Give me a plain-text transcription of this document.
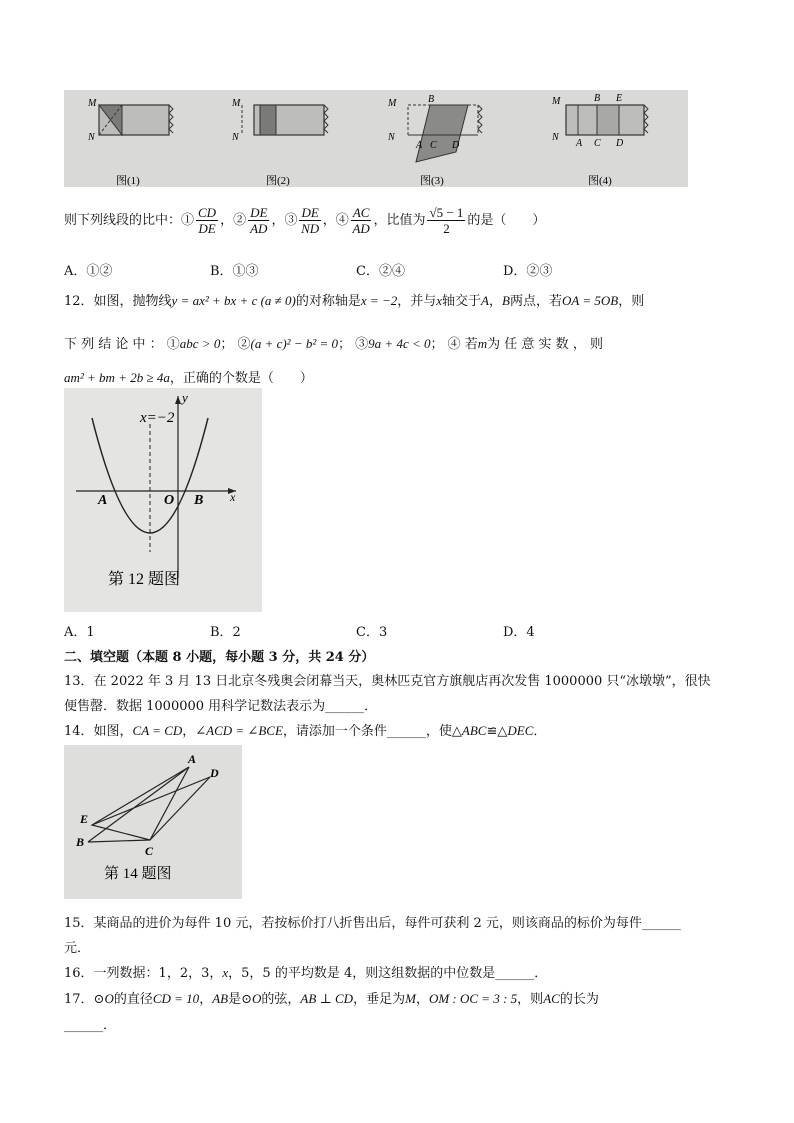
M
N
图(1)
M
N
图(2)
M
N
B
A C D
图(3)
M
N
B E
A C D
图(4)
则下列线段的比中：① $\frac{CD}{DE}$ ，② $\frac{DE}{AD}$ ，③ $\frac{DE}{ND}$ ，④ $\frac{AC}{AD}$ ，比值为 $\frac{√5 - 1}{2}$ 的是（　　）
A．①②	B．①③	C．②④	D．②③
12．如图，抛物线y = ax² + bx + c (a ≠ 0)的对称轴是x = −2，并与x轴交于A，B两点，若OA = 5OB，则
下 列 结 论 中 ： ①abc > 0； ②(a + c)² − b² = 0； ③9a + 4c < 0； ④ 若m为 任 意 实 数 ， 则
am² + bm + 2b ≥ 4a，正确的个数是（　　）
y
x
x=−2
A	O B
第 12 题图
A．1	B．2	C．3	D．4
二、填空题（本题 8 小题，每小题 3 分，共 24 分）
13．在 2022 年 3 月 13 日北京冬残奥会闭幕当天，奥林匹克官方旗舰店再次发售 1000000 只“冰墩墩”，很快
便售罄．数据 1000000 用科学记数法表示为______．
14．如图，CA = CD，∠ACD = ∠BCE，请添加一个条件______，使△ABC≌△DEC．
A
D
E
B
C
第 14 题图
15．某商品的进价为每件 10 元，若按标价打八折售出后，每件可获利 2 元，则该商品的标价为每件______
元．
16．一列数据：1，2，3，x，5，5 的平均数是 4，则这组数据的中位数是______．
17．⊙O的直径CD = 10，AB是⊙O的弦，AB ⊥ CD，垂足为M，OM : OC = 3 : 5，则AC的长为
______．
